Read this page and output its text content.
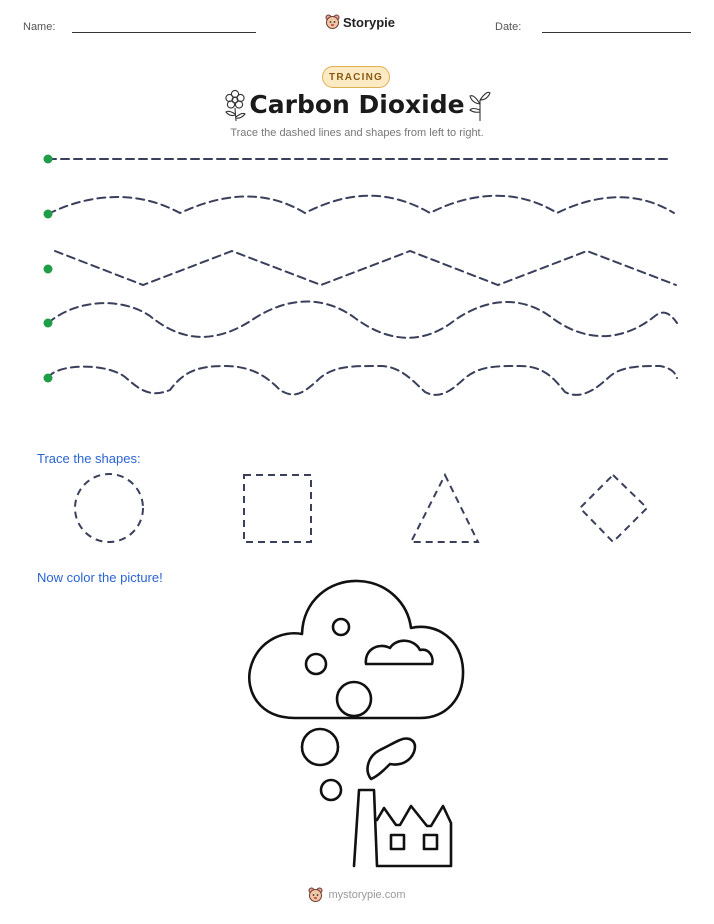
Name:	Storypie	Date:
TRACING
Carbon Dioxide
Trace the dashed lines and shapes from left to right.
Trace the shapes:
Now color the picture!
mystorypie.com
